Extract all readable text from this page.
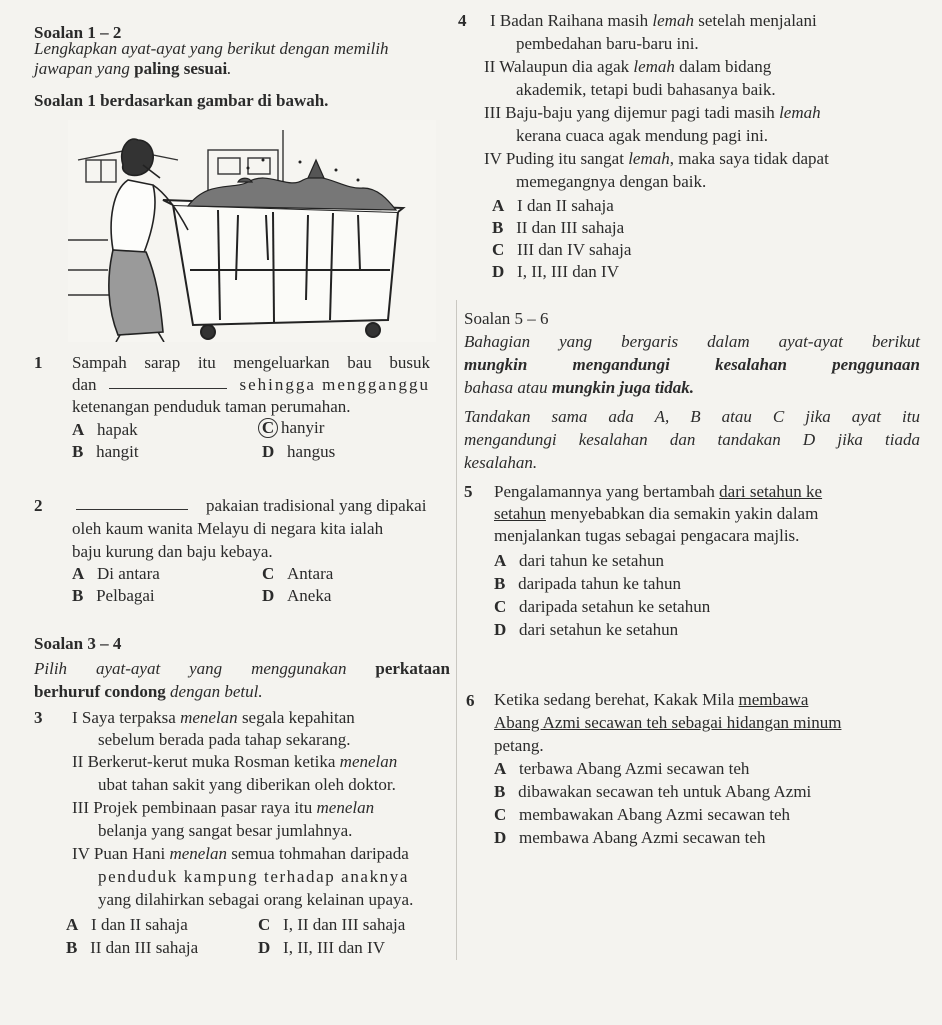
Soalan 1 – 2
Lengkapkan ayat-ayat yang berikut dengan memilih
jawapan yang paling sesuai.
Soalan 1 berdasarkan gambar di bawah.
1 Sampah sarap itu mengeluarkan bau busuk
dan	sehingga mengganggu
ketenangan penduduk taman perumahan.
A hapak
B hangit
C hanyir
D hangus
2	pakaian tradisional yang dipakai
oleh kaum wanita Melayu di negara kita ialah
baju kurung dan baju kebaya.
A Di antara
B Pelbagai
C Antara
D Aneka
Soalan 3 – 4
Pilih ayat-ayat yang menggunakan perkataan
berhuruf condong dengan betul.
3 I Saya terpaksa menelan segala kepahitan
sebelum berada pada tahap sekarang.
II Berkerut-kerut muka Rosman ketika menelan
ubat tahan sakit yang diberikan oleh doktor.
III Projek pembinaan pasar raya itu menelan
belanja yang sangat besar jumlahnya.
IV Puan Hani menelan semua tohmahan daripada
penduduk kampung terhadap anaknya
yang dilahirkan sebagai orang kelainan upaya.
A I dan II sahaja
B II dan III sahaja
C I, II dan III sahaja
D I, II, III dan IV
4 I Badan Raihana masih lemah setelah menjalani
pembedahan baru-baru ini.
II Walaupun dia agak lemah dalam bidang
akademik, tetapi budi bahasanya baik.
III Baju-baju yang dijemur pagi tadi masih lemah
kerana cuaca agak mendung pagi ini.
IV Puding itu sangat lemah, maka saya tidak dapat
memegangnya dengan baik.
A I dan II sahaja
B II dan III sahaja
C III dan IV sahaja
D I, II, III dan IV
Soalan 5 – 6
Bahagian yang bergaris dalam ayat-ayat berikut
mungkin mengandungi kesalahan penggunaan
bahasa atau mungkin juga tidak.
Tandakan sama ada A, B atau C jika ayat itu
mengandungi kesalahan dan tandakan D jika tiada
kesalahan.
5 Pengalamannya yang bertambah dari setahun ke
setahun menyebabkan dia semakin yakin dalam
menjalankan tugas sebagai pengacara majlis.
A dari tahun ke setahun
B daripada tahun ke tahun
C daripada setahun ke setahun
D dari setahun ke setahun
6 Ketika sedang berehat, Kakak Mila membawa
Abang Azmi secawan teh sebagai hidangan minum
petang.
A terbawa Abang Azmi secawan teh
B dibawakan secawan teh untuk Abang Azmi
C membawakan Abang Azmi secawan teh
D membawa Abang Azmi secawan teh
